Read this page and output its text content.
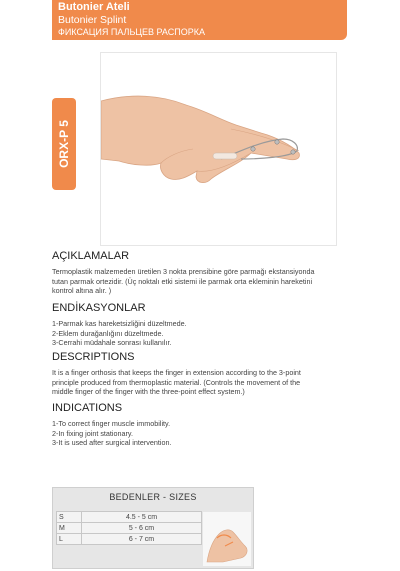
Butonier Ateli
Butonier Splint
ФИКСАЦИЯ ПАЛЬЦЕВ РАСПОРКА
ORX-P 5

AÇIKLAMALAR

Termoplastik malzemeden üretilen 3 nokta prensibine göre parmağı ekstansiyonda
tutan parmak ortezidir. (Üç noktalı etki sistemi ile parmak orta ekleminin hareketini
kontrol altına alır. )

ENDİKASYONLAR

1-Parmak kas hareketsizliğini düzeltmede.
2-Eklem durağanlığını düzeltmede.
3-Cerrahi müdahale sonrası kullanılır.

DESCRIPTIONS

It is a finger orthosis that keeps the finger in extension according to the 3-point
principle produced from thermoplastic material. (Controls the movement of the
middle finger of the finger with the three-point effect system.)

INDICATIONS

1-To correct finger muscle immobility.
2-In fixing joint stationary.
3-It is used after surgical intervention.

BEDENLER - SIZES
S	4.5 - 5 cm
M	5 - 6 cm
L	6 - 7 cm
